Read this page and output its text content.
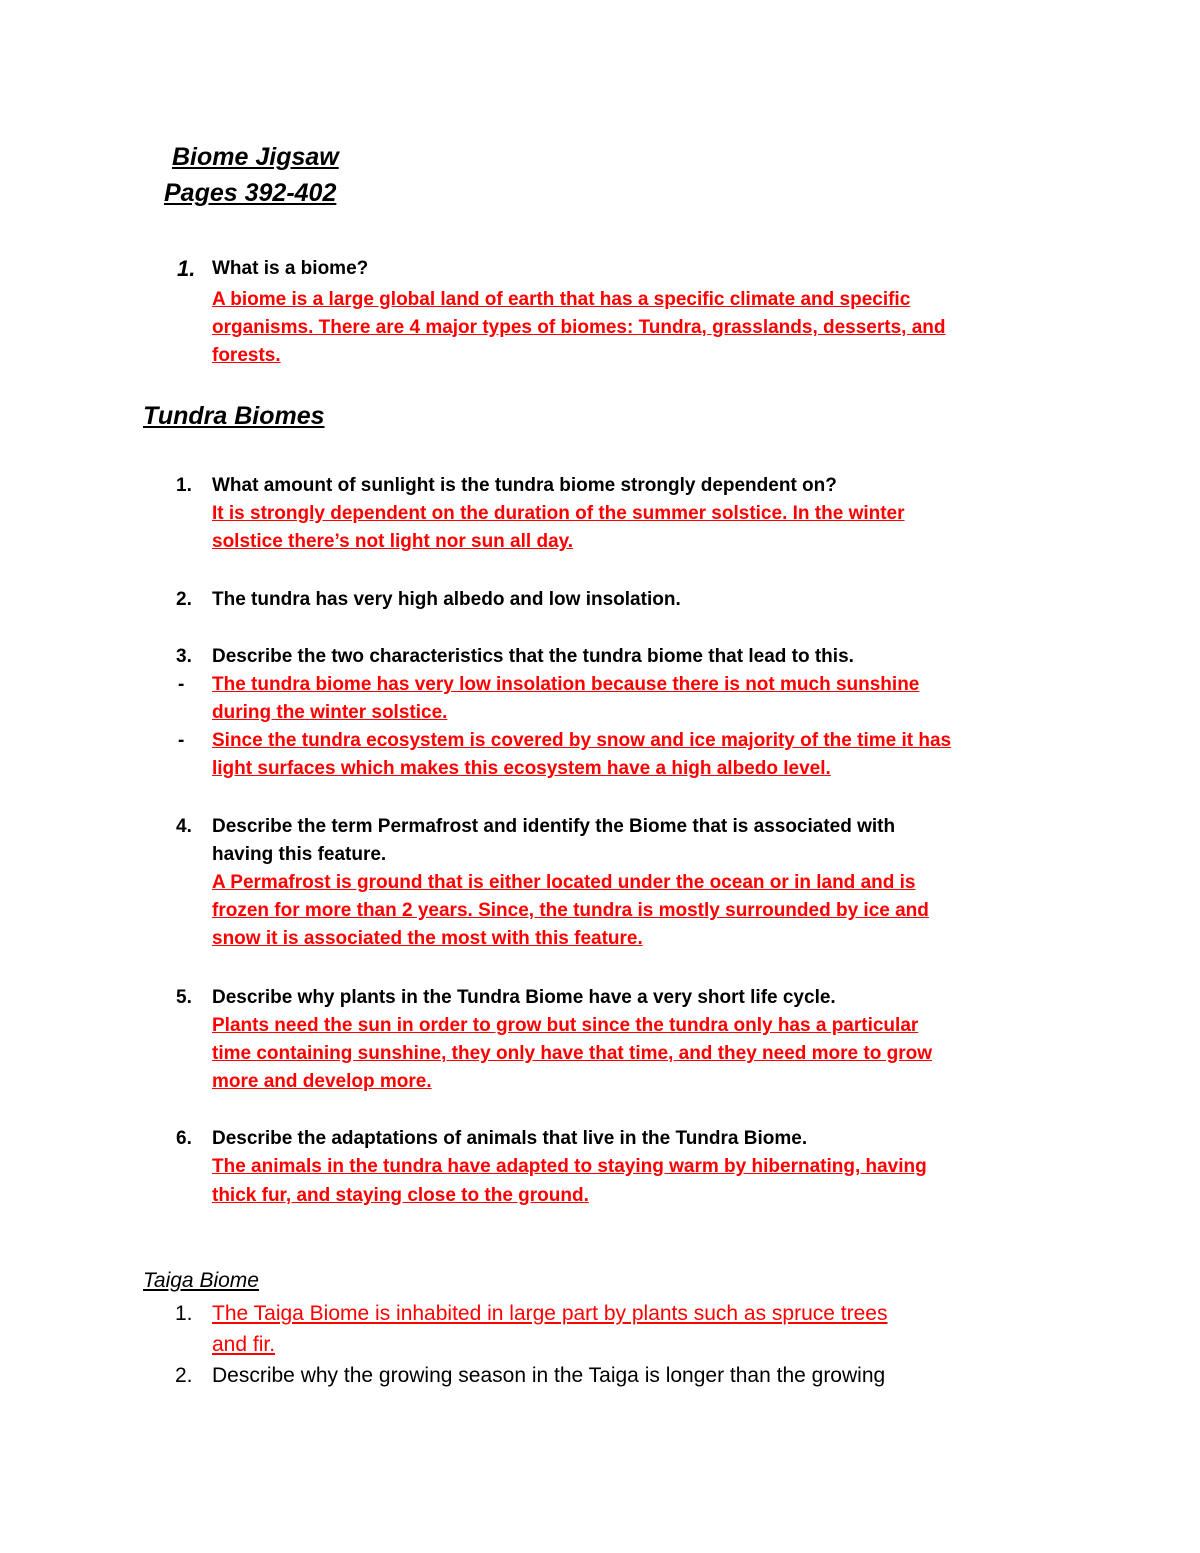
Biome Jigsaw
Pages 392-402
1. What is a biome?
A biome is a large global land of earth that has a specific climate and specific
organisms. There are 4 major types of biomes: Tundra, grasslands, desserts, and
forests.
Tundra Biomes
1. What amount of sunlight is the tundra biome strongly dependent on?
It is strongly dependent on the duration of the summer solstice. In the winter
solstice there’s not light nor sun all day.
2. The tundra has very high albedo and low insolation.
3. Describe the two characteristics that the tundra biome that lead to this.
- The tundra biome has very low insolation because there is not much sunshine
during the winter solstice.
- Since the tundra ecosystem is covered by snow and ice majority of the time it has
light surfaces which makes this ecosystem have a high albedo level.
4. Describe the term Permafrost and identify the Biome that is associated with
having this feature.
A Permafrost is ground that is either located under the ocean or in land and is
frozen for more than 2 years. Since, the tundra is mostly surrounded by ice and
snow it is associated the most with this feature.
5. Describe why plants in the Tundra Biome have a very short life cycle.
Plants need the sun in order to grow but since the tundra only has a particular
time containing sunshine, they only have that time, and they need more to grow
more and develop more.
6. Describe the adaptations of animals that live in the Tundra Biome.
The animals in the tundra have adapted to staying warm by hibernating, having
thick fur, and staying close to the ground.
Taiga Biome
1. The Taiga Biome is inhabited in large part by plants such as spruce trees
and fir.
2. Describe why the growing season in the Taiga is longer than the growing
